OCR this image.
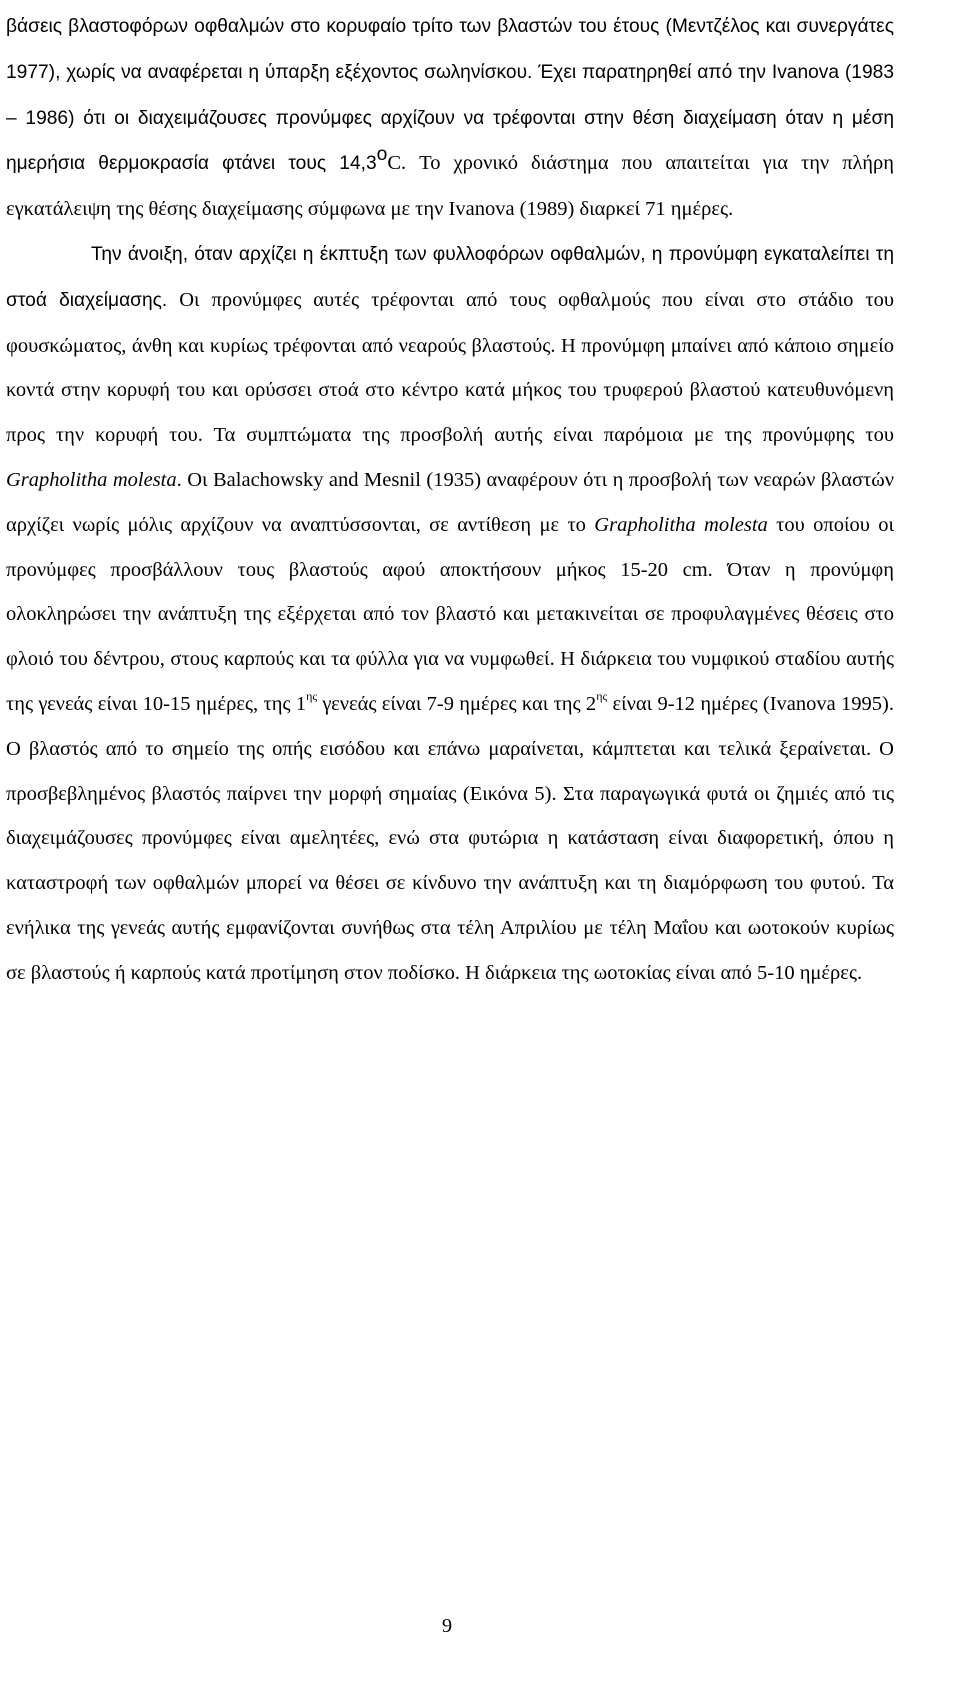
βάσεις βλαστοφόρων οφθαλμών στο κορυφαίο τρίτο των βλαστών του έτους (Μεντζέλος και συνεργάτες 1977), χωρίς να αναφέρεται η ύπαρξη εξέχοντος σωληνίσκου. Έχει παρατηρηθεί από την Ivanova (1983 – 1986) ότι οι διαχειμάζουσες προνύμφες αρχίζουν να τρέφονται στην θέση διαχείμαση όταν η μέση ημερήσια θερμοκρασία φτάνει τους 14,3$^o$C. Το χρονικό διάστημα που απαιτείται για την πλήρη εγκατάλειψη της θέσης διαχείμασης σύμφωνα με την Ivanova (1989) διαρκεί 71 ημέρες.

Την άνοιξη, όταν αρχίζει η έκπτυξη των φυλλοφόρων οφθαλμών, η προνύμφη εγκαταλείπει τη στοά διαχείμασης. Οι προνύμφες αυτές τρέφονται από τους οφθαλμούς που είναι στο στάδιο του φουσκώματος, άνθη και κυρίως τρέφονται από νεαρούς βλαστούς. Η προνύμφη μπαίνει από κάποιο σημείο κοντά στην κορυφή του και ορύσσει στοά στο κέντρο κατά μήκος του τρυφερού βλαστού κατευθυνόμενη προς την κορυφή του. Τα συμπτώματα της προσβολή αυτής είναι παρόμοια με της προνύμφης του Grapholitha molesta. Οι Balachowsky and Mesnil (1935) αναφέρουν ότι η προσβολή των νεαρών βλαστών αρχίζει νωρίς μόλις αρχίζουν να αναπτύσσονται, σε αντίθεση με το Grapholitha molesta του οποίου οι προνύμφες προσβάλλουν τους βλαστούς αφού αποκτήσουν μήκος 15-20 cm. Όταν η προνύμφη ολοκληρώσει την ανάπτυξη της εξέρχεται από τον βλαστό και μετακινείται σε προφυλαγμένες θέσεις στο φλοιό του δέντρου, στους καρπούς και τα φύλλα για να νυμφωθεί. Η διάρκεια του νυμφικού σταδίου αυτής της γενεάς είναι 10-15 ημέρες, της $1^{\eta\varsigma}$ γενεάς είναι 7-9 ημέρες και της $2^{\eta\varsigma}$ είναι 9-12 ημέρες (Ivanova 1995). Ο βλαστός από το σημείο της οπής εισόδου και επάνω μαραίνεται, κάμπτεται και τελικά ξεραίνεται. Ο προσβεβλημένος βλαστός παίρνει την μορφή σημαίας (Εικόνα 5). Στα παραγωγικά φυτά οι ζημιές από τις διαχειμάζουσες προνύμφες είναι αμελητέες, ενώ στα φυτώρια η κατάσταση είναι διαφορετική, όπου η καταστροφή των οφθαλμών μπορεί να θέσει σε κίνδυνο την ανάπτυξη και τη διαμόρφωση του φυτού. Τα ενήλικα της γενεάς αυτής εμφανίζονται συνήθως στα τέλη Απριλίου με τέλη Μαΐου και ωοτοκούν κυρίως σε βλαστούς ή καρπούς κατά προτίμηση στον ποδίσκο. Η διάρκεια της ωοτοκίας είναι από 5-10 ημέρες.

9
